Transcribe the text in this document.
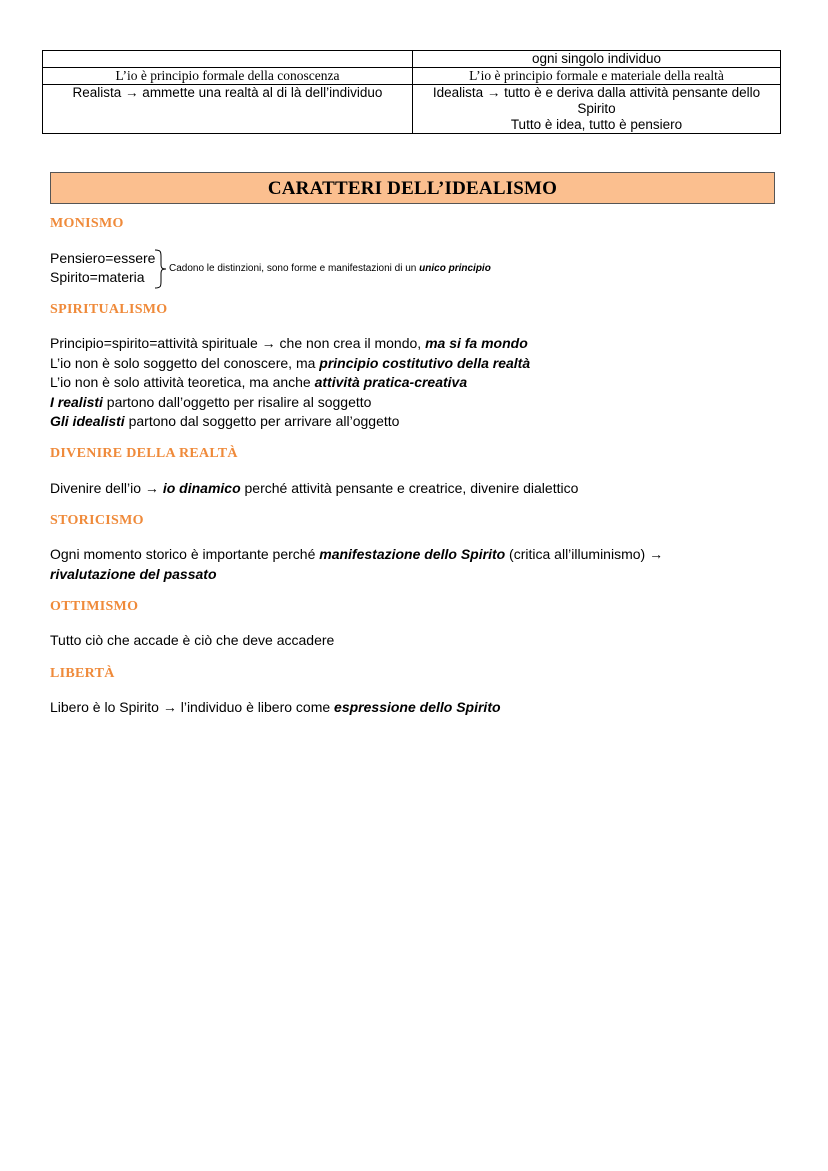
	ogni singolo individuo
L’io è principio formale della conoscenza	L’io è principio formale e materiale della realtà
Realista → ammette una realtà al di là dell’individuo	Idealista → tutto è e deriva dalla attività pensante dello
Spirito
Tutto è idea, tutto è pensiero
CARATTERI DELL’IDEALISMO
MONISMO
Pensiero=essere
Spirito=materia
Cadono le distinzioni, sono forme e manifestazioni di un unico principio
SPIRITUALISMO
Principio=spirito=attività spirituale → che non crea il mondo, ma si fa mondo
L’io non è solo soggetto del conoscere, ma principio costitutivo della realtà
L’io non è solo attività teoretica, ma anche attività pratica-creativa
I realisti partono dall’oggetto per risalire al soggetto
Gli idealisti partono dal soggetto per arrivare all’oggetto
DIVENIRE DELLA REALTÀ
Divenire dell’io → io dinamico perché attività pensante e creatrice, divenire dialettico
STORICISMO
Ogni momento storico è importante perché manifestazione dello Spirito (critica all’illuminismo) →
rivalutazione del passato
OTTIMISMO
Tutto ciò che accade è ciò che deve accadere
LIBERTÀ
Libero è lo Spirito → l’individuo è libero come espressione dello Spirito
